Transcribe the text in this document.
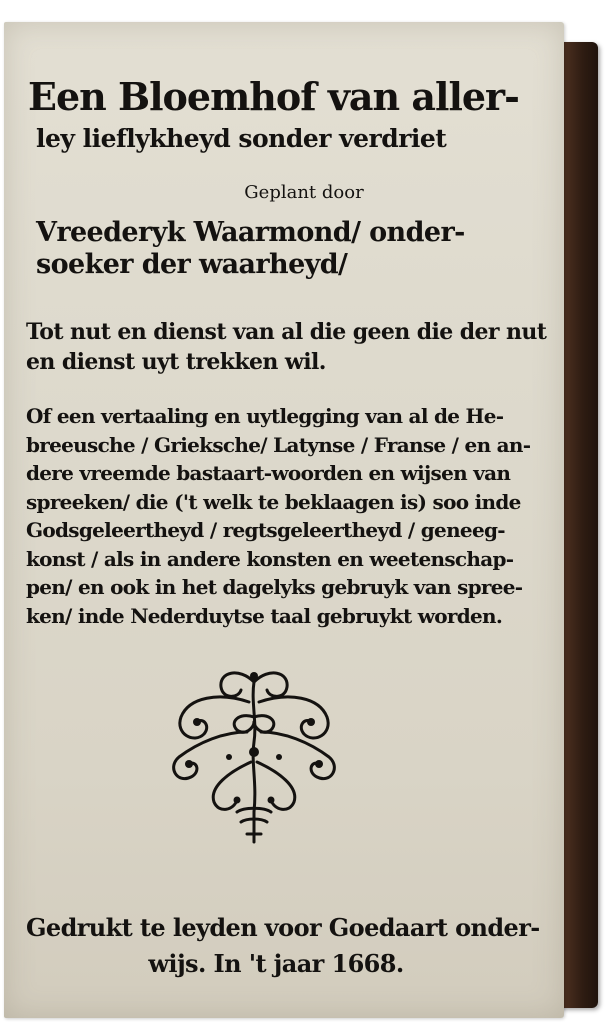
Een Bloemhof van aller-
ley lieflykheyd sonder verdriet
Geplant door
Vreederyk Waarmond/ onder-
soeker der waarheyd/
Tot nut en dienst van al die geen die der nut
en dienst uyt trekken wil.
Of een vertaaling en uytlegging van al de He-
breeusche / Grieksche/ Latynse / Franse / en an-
dere vreemde bastaart-woorden en wijsen van
spreeken/ die ('t welk te beklaagen is) soo inde
Godsgeleertheyd / regtsgeleertheyd / geneeg-
konst / als in andere konsten en weetenschap-
pen/ en ook in het dagelyks gebruyk van spree-
ken/ inde Nederduytse taal gebruykt worden.
Gedrukt te leyden voor Goedaart onder-
wijs. In 't jaar 1668.
